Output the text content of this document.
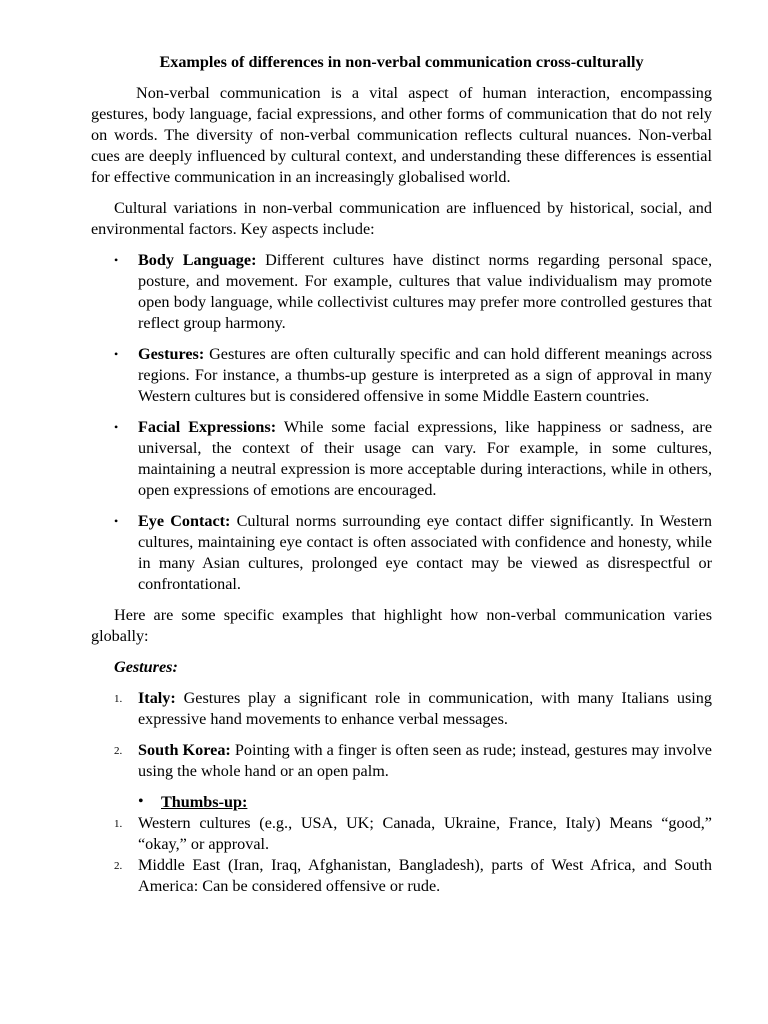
Examples of differences in non-verbal communication cross-culturally

Non-verbal communication is a vital aspect of human interaction, encompassing gestures, body language, facial expressions, and other forms of communication that do not rely on words. The diversity of non-verbal communication reflects cultural nuances. Non-verbal cues are deeply influenced by cultural context, and understanding these differences is essential for effective communication in an increasingly globalised world.

Cultural variations in non-verbal communication are influenced by historical, social, and environmental factors. Key aspects include:

• Body Language: Different cultures have distinct norms regarding personal space, posture, and movement. For example, cultures that value individualism may promote open body language, while collectivist cultures may prefer more controlled gestures that reflect group harmony.
• Gestures: Gestures are often culturally specific and can hold different meanings across regions. For instance, a thumbs-up gesture is interpreted as a sign of approval in many Western cultures but is considered offensive in some Middle Eastern countries.
• Facial Expressions: While some facial expressions, like happiness or sadness, are universal, the context of their usage can vary. For example, in some cultures, maintaining a neutral expression is more acceptable during interactions, while in others, open expressions of emotions are encouraged.
• Eye Contact: Cultural norms surrounding eye contact differ significantly. In Western cultures, maintaining eye contact is often associated with confidence and honesty, while in many Asian cultures, prolonged eye contact may be viewed as disrespectful or confrontational.

Here are some specific examples that highlight how non-verbal communication varies globally:

Gestures:
1. Italy: Gestures play a significant role in communication, with many Italians using expressive hand movements to enhance verbal messages.
2. South Korea: Pointing with a finger is often seen as rude; instead, gestures may involve using the whole hand or an open palm.
• Thumbs-up:
1. Western cultures (e.g., USA, UK; Canada, Ukraine, France, Italy) Means “good,” “okay,” or approval.
2. Middle East (Iran, Iraq, Afghanistan, Bangladesh), parts of West Africa, and South America: Can be considered offensive or rude.
